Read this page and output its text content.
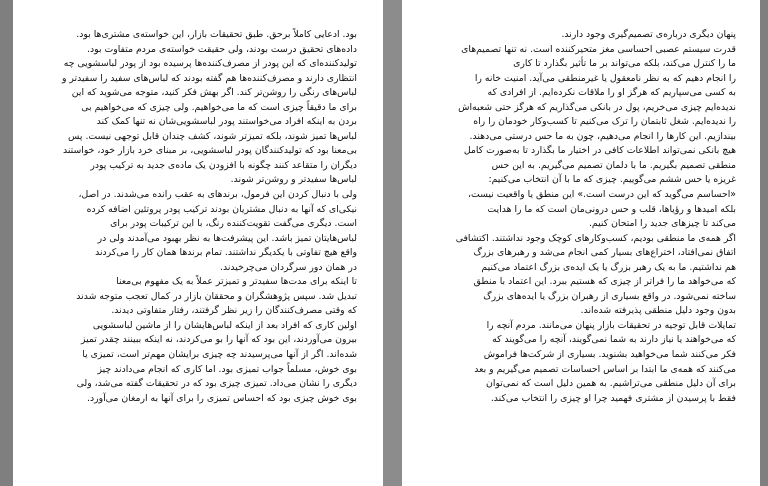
بود. ادعایی کاملاً برحق. طبق تحقیقات بازار، این خواسته‌ی مشتری‌ها بود.

داده‌های تحقیق درست بودند، ولی حقیقت خواسته‌ی مردم متفاوت بود.

تولیدکننده‌ای که این پودر از مصرف‌کننده‌ها پرسیده بود از پودر لباسشویی چه

انتظاری دارند و مصرف‌کننده‌ها هم گفته بودند که لباس‌های سفید را سفیدتر و

لباس‌های رنگی را روشن‌تر کند. اگر بهش فکر کنید، متوجه می‌شوید که این

برای ما دقیقاً چیزی است که ما می‌خواهیم. ولی چیزی که می‌خواهیم بی

بردن به اینکه افراد می‌خواستند پودر لباسشویی‌شان نه تنها کمک کند

لباس‌ها تمیز شوند، بلکه تمیزتر شوند، کشف چندان قابل توجهی نیست. پس

بی‌معنا بود که تولیدکنندگان پودر لباسشویی، بر مبنای خرد بازار خود، خواستند

دیگران را متقاعد کنند چگونه با افزودن یک ماده‌ی جدید به ترکیب پودر

لباس‌ها سفیدتر و روشن‌تر شوند.

ولی با دنبال کردن این فرمول، برندهای به عقب رانده می‌شدند. در اصل،

نیکی‌ای که آنها به دنبال مشتریان بودند ترکیب پودر پروتئین اضافه کرده

است. دیگری می‌گفت تقویت‌کننده رنگ، با این ترکیبات پودر برای

لباس‌هایتان تمیز باشد. این پیشرفت‌ها به نظر بهبود می‌آمدند ولی در

واقع هیچ تفاوتی با یکدیگر نداشتند. تمام برندها همان کار را می‌کردند

در همان دور سرگردان می‌چرخیدند.

تا اینکه برای مدت‌ها سفیدتر و تمیزتر عملاً به یک مفهوم بی‌معنا

تبدیل شد. سپس پژوهشگران و محققان بازار در کمال تعجب متوجه شدند

که وقتی مصرف‌کنندگان را زیر نظر گرفتند، رفتار متفاوتی دیدند.

اولین کاری که افراد بعد از اینکه لباس‌هایشان را از ماشین لباسشویی

بیرون می‌آوردند، این بود که آنها را بو می‌کردند، نه اینکه ببینند چقدر تمیز

شده‌اند. اگر از آنها می‌پرسیدند چه چیزی برایشان مهم‌تر است، تمیزی یا

بوی خوش، مسلماً جواب تمیزی بود. اما کاری که انجام می‌دادند چیز

دیگری را نشان می‌داد. تمیزی چیزی بود که در تحقیقات گفته می‌شد، ولی

بوی خوش چیزی بود که احساس تمیزی را برای آنها به ارمغان می‌آورد.

پنهان دیگری درباره‌ی تصمیم‌گیری وجود دارند.

قدرت سیستم عصبی احساسی مغز متحیرکننده است. نه تنها تصمیم‌های

ما را کنترل می‌کند، بلکه می‌تواند بر ما تأثیر بگذارد تا کاری

را انجام دهیم که به نظر نامعقول یا غیرمنطقی می‌آید. امنیت خانه را

به کسی می‌سپاریم که هرگز او را ملاقات نکرده‌ایم. از افرادی که

ندیده‌ایم چیزی می‌خریم، پول در بانکی می‌گذاریم که هرگز حتی شعبه‌اش

را ندیده‌ایم. شغل ثابتمان را ترک می‌کنیم تا کسب‌وکار خودمان را راه

بیندازیم. این کارها را انجام می‌دهیم، چون به ما حس درستی می‌دهند.

هیچ بانکی نمی‌تواند اطلاعات کافی در اختیار ما بگذارد تا به‌صورت کامل

منطقی تصمیم بگیریم. ما با دلمان تصمیم می‌گیریم. به این حس

غریزه یا حس ششم می‌گوییم. چیزی که ما با آن انتخاب می‌کنیم:

«احساسم می‌گوید که این درست است.» این منطق یا واقعیت نیست،

بلکه امیدها و رؤیاها، قلب و حس درونی‌مان است که ما را هدایت

می‌کند تا چیزهای جدید را امتحان کنیم.

اگر همه‌ی ما منطقی بودیم، کسب‌وکارهای کوچک وجود نداشتند. اکتشافی

اتفاق نمی‌افتاد، اختراع‌های بسیار کمی انجام می‌شد و رهبرهای بزرگ

هم نداشتیم. ما به یک رهبر بزرگ یا یک ایده‌ی بزرگ اعتماد می‌کنیم

که می‌خواهد ما را فراتر از چیزی که هستیم ببرد. این اعتماد با منطق

ساخته نمی‌شود. در واقع بسیاری از رهبران بزرگ یا ایده‌های بزرگ

بدون وجود دلیل منطقی پذیرفته شده‌اند.

تمایلات قابل توجیه در تحقیقات بازار پنهان می‌مانند. مردم آنچه را

که می‌خواهند یا نیاز دارند به شما نمی‌گویند، آنچه را می‌گویند که

فکر می‌کنند شما می‌خواهید بشنوید. بسیاری از شرکت‌ها فراموش

می‌کنند که همه‌ی ما ابتدا بر اساس احساسات تصمیم می‌گیریم و بعد

برای آن دلیل منطقی می‌تراشیم. به همین دلیل است که نمی‌توان

فقط با پرسیدن از مشتری فهمید چرا او چیزی را انتخاب می‌کند.
